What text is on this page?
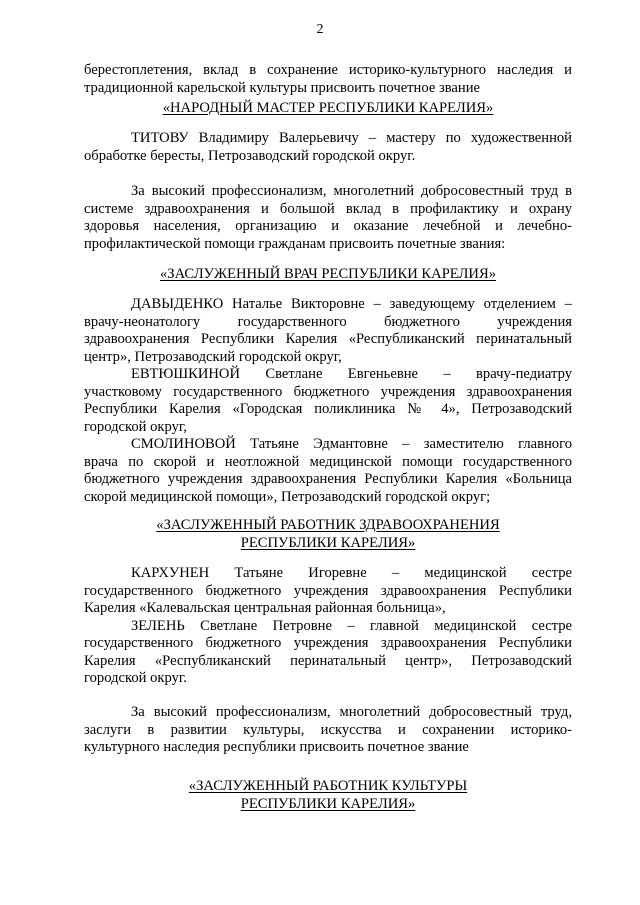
2

берестоплетения, вклад в сохранение историко-культурного наследия и
традиционной карельской культуры присвоить почетное звание

«НАРОДНЫЙ МАСТЕР РЕСПУБЛИКИ КАРЕЛИЯ»

ТИТОВУ Владимиру Валерьевичу – мастеру по художественной
обработке бересты, Петрозаводский городской округ.

За высокий профессионализм, многолетний добросовестный труд в
системе здравоохранения и большой вклад в профилактику и охрану
здоровья населения, организацию и оказание лечебной и лечебно-
профилактической помощи гражданам присвоить почетные звания:

«ЗАСЛУЖЕННЫЙ ВРАЧ РЕСПУБЛИКИ КАРЕЛИЯ»

ДАВЫДЕНКО Наталье Викторовне – заведующему отделением –
врачу-неонатологу государственного бюджетного учреждения
здравоохранения Республики Карелия «Республиканский перинатальный
центр», Петрозаводский городской округ,
ЕВТЮШКИНОЙ Светлане Евгеньевне – врачу-педиатру
участковому государственного бюджетного учреждения здравоохранения
Республики Карелия «Городская поликлиника № 4», Петрозаводский
городской округ,
СМОЛИНОВОЙ Татьяне Эдмантовне – заместителю главного
врача по скорой и неотложной медицинской помощи государственного
бюджетного учреждения здравоохранения Республики Карелия «Больница
скорой медицинской помощи», Петрозаводский городской округ;

«ЗАСЛУЖЕННЫЙ РАБОТНИК ЗДРАВООХРАНЕНИЯ
РЕСПУБЛИКИ КАРЕЛИЯ»

КАРХУНЕН Татьяне Игоревне – медицинской сестре
государственного бюджетного учреждения здравоохранения Республики
Карелия «Калевальская центральная районная больница»,
ЗЕЛЕНЬ Светлане Петровне – главной медицинской сестре
государственного бюджетного учреждения здравоохранения Республики
Карелия «Республиканский перинатальный центр», Петрозаводский
городской округ.

За высокий профессионализм, многолетний добросовестный труд,
заслуги в развитии культуры, искусства и сохранении историко-
культурного наследия республики присвоить почетное звание

«ЗАСЛУЖЕННЫЙ РАБОТНИК КУЛЬТУРЫ
РЕСПУБЛИКИ КАРЕЛИЯ»
